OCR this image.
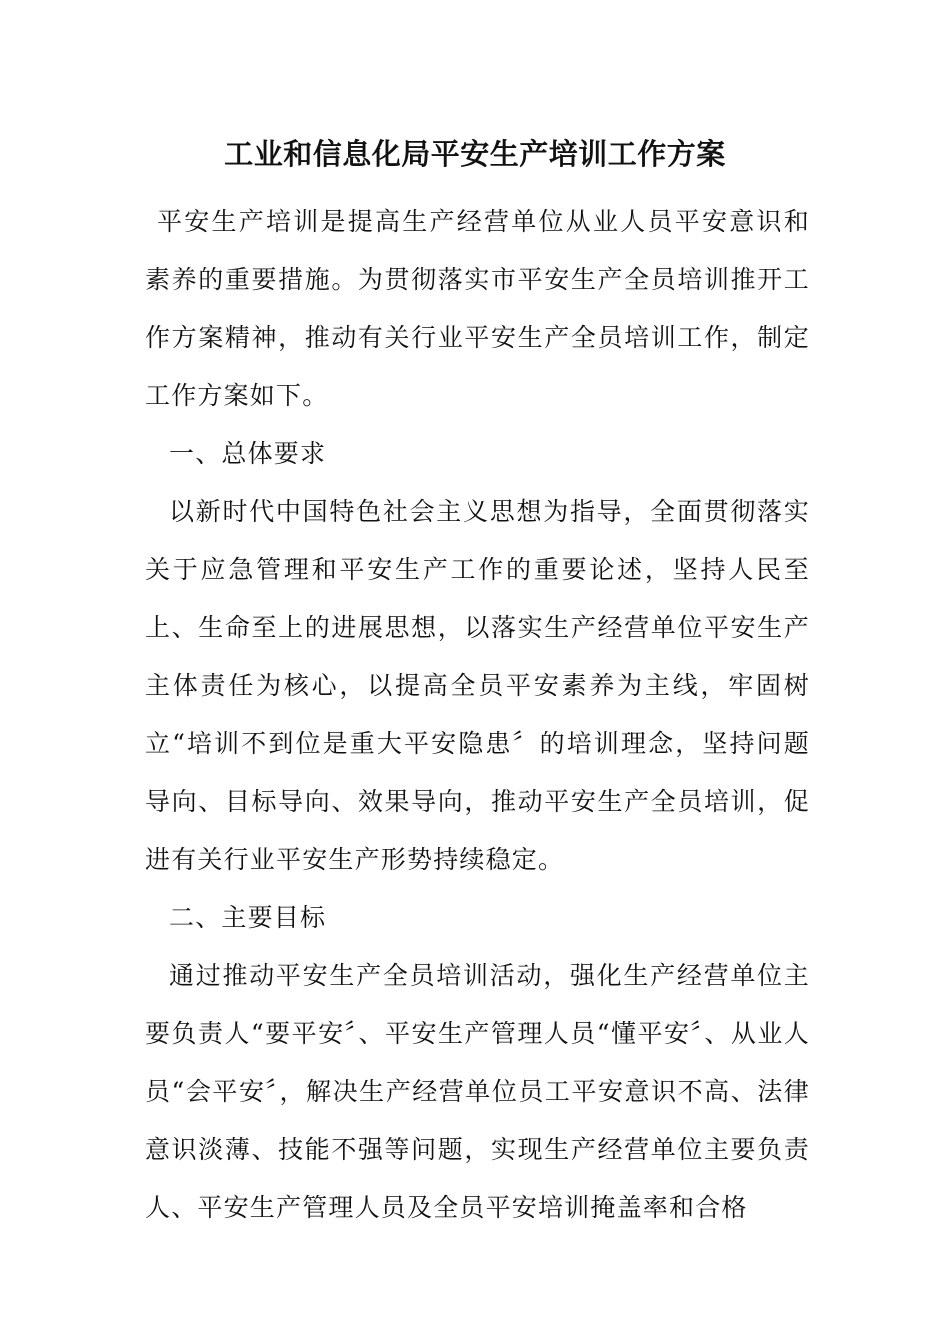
工业和信息化局平安生产培训工作方案

平安生产培训是提高生产经营单位从业人员平安意识和素养的重要措施。为贯彻落实市平安生产全员培训推开工作方案精神，推动有关行业平安生产全员培训工作，制定工作方案如下。

一、总体要求

以新时代中国特色社会主义思想为指导，全面贯彻落实关于应急管理和平安生产工作的重要论述，坚持人民至上、生命至上的进展思想，以落实生产经营单位平安生产主体责任为核心，以提高全员平安素养为主线，牢固树立“培训不到位是重大平安隐患〞的培训理念，坚持问题导向、目标导向、效果导向，推动平安生产全员培训，促进有关行业平安生产形势持续稳定。

二、主要目标

通过推动平安生产全员培训活动，强化生产经营单位主要负责人“要平安〞、平安生产管理人员“懂平安〞、从业人员“会平安〞，解决生产经营单位员工平安意识不高、法律意识淡薄、技能不强等问题，实现生产经营单位主要负责人、平安生产管理人员及全员平安培训掩盖率和合格
